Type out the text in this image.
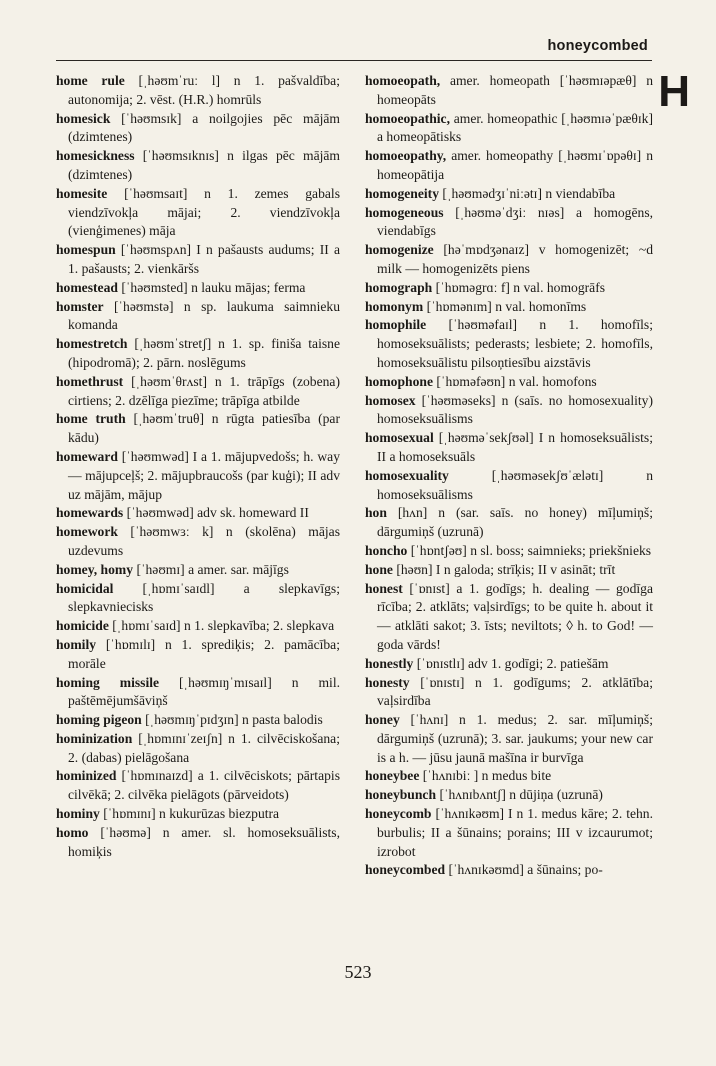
honeycombed
H

home rule [ˌhəʊmˈruː l] n 1. pašvaldība; autonomija; 2. vēst. (H.R.) homrūls

homesick [ˈhəʊmsɪk] a noilgojies pēc mājām (dzimtenes)

homesickness [ˈhəʊmsɪknɪs] n ilgas pēc mājām (dzimtenes)

homesite [ˈhəʊmsaɪt] n 1. zemes gabals viendzīvokļa mājai; 2. viendzīvokļa (vienģimenes) māja

homespun [ˈhəʊmspʌn] I n pašausts audums; II a 1. pašausts; 2. vienkāršs

homestead [ˈhəʊmsted] n lauku mājas; ferma

homster [ˈhəʊmstə] n sp. laukuma saimnieku komanda

homestretch [ˌhəʊmˈstretʃ] n 1. sp. finiša taisne (hipodromā); 2. pārn. noslēgums

homethrust [ˌhəʊmˈθrʌst] n 1. trāpīgs (zobena) cirtiens; 2. dzēlīga piezīme; trāpīga atbilde

home truth [ˌhəʊmˈtruθ] n rūgta patiesība (par kādu)

homeward [ˈhəʊmwəd] I a 1. mājupvedošs; h. way — mājupceļš; 2. mājupbraucošs (par kuģi); II adv uz mājām, mājup

homewards [ˈhəʊmwəd] adv sk. homeward II

homework [ˈhəʊmwɜː k] n (skolēna) mājas uzdevums

homey, homy [ˈhəʊmɪ] a amer. sar. mājīgs

homicidal [ˌhɒmɪˈsaɪdl] a slepkavīgs; slepkavniecisks

homicide [ˌhɒmɪˈsaɪd] n 1. slepkavība; 2. slepkava

homily [ˈhɒmɪlɪ] n 1. sprediķis; 2. pamācība; morāle

homing missile [ˌhəʊmɪŋˈmɪsaɪl] n mil. paštēmējumšāviņš

homing pigeon [ˌhəʊmɪŋˈpɪdʒɪn] n pasta balodis

hominization [ˌhɒmɪnɪˈzeɪʃn] n 1. cilvēciskošana; 2. (dabas) pielāgošana

hominized [ˈhɒmɪnaɪzd] a 1. cilvēciskots; pārtapis cilvēkā; 2. cilvēka pielāgots (pārveidots)

hominy [ˈhɒmɪnɪ] n kukurūzas biezputra

homo [ˈhəʊmə] n amer. sl. homoseksuālists, homiķis

homoeopath, amer. homeopath [ˈhəʊmɪəpæθ] n homeopāts

homoeopathic, amer. homeopathic [ˌhəʊmɪəˈpæθɪk] a homeopātisks

homoeopathy, amer. homeopathy [ˌhəʊmɪˈɒpəθɪ] n homeopātija

homogeneity [ˌhəʊmədʒɪˈniːətɪ] n viendabība

homogeneous [ˌhəʊməˈdʒiː nɪəs] a homogēns, viendabīgs

homogenize [həˈmɒdʒənaɪz] v homogenizēt; ~d milk — homogenizēts piens

homograph [ˈhɒməgrɑː f] n val. homogrāfs

homonym [ˈhɒmənɪm] n val. homonīms

homophile [ˈhəʊməfaɪl] n 1. homofīls; homoseksuālists; pederasts; lesbiete; 2. homofīls, homoseksuālistu pilsoņtiesību aizstāvis

homophone [ˈhɒməfəʊn] n val. homofons

homosex [ˈhəʊməseks] n (saīs. no homosexuality) homoseksuālisms

homosexual [ˌhəʊməˈsekʃʊəl] I n homoseksuālists; II a homoseksuāls

homosexuality	[ˌhəʊməsekʃʊˈælətɪ] n homoseksuālisms

hon [hʌn] n (sar. saīs. no honey) mīļumiņš; dārgumiņš (uzrunā)

honcho [ˈhɒntʃəʊ] n sl. boss; saimnieks; priekšnieks

hone [həʊn] I n galoda; strīķis; II v asināt; trīt

honest [ˈɒnɪst] a 1. godīgs; h. dealing — godīga rīcība; 2. atklāts; vaļsirdīgs; to be quite h. about it — atklāti sakot; 3. īsts; neviltots; ◊ h. to God! — goda vārds!

honestly [ˈɒnɪstlɪ] adv 1. godīgi; 2. patiešām

honesty [ˈɒnɪstɪ] n 1. godīgums; 2. atklātība; vaļsirdība

honey [ˈhʌnɪ] n 1. medus; 2. sar. mīļumiņš; dārgumiņš (uzrunā); 3. sar. jaukums; your new car is a h. — jūsu jaunā mašīna ir burvīga

honeybee [ˈhʌnɪbiː ] n medus bite

honeybunch [ˈhʌnɪbʌntʃ] n dūjiņa (uzrunā)

honeycomb [ˈhʌnɪkəʊm] I n 1. medus kāre; 2. tehn. burbulis; II a šūnains; porains; III v izcaurumot; izrobot

honeycombed [ˈhʌnɪkəʊmd] a šūnains; po-

523
